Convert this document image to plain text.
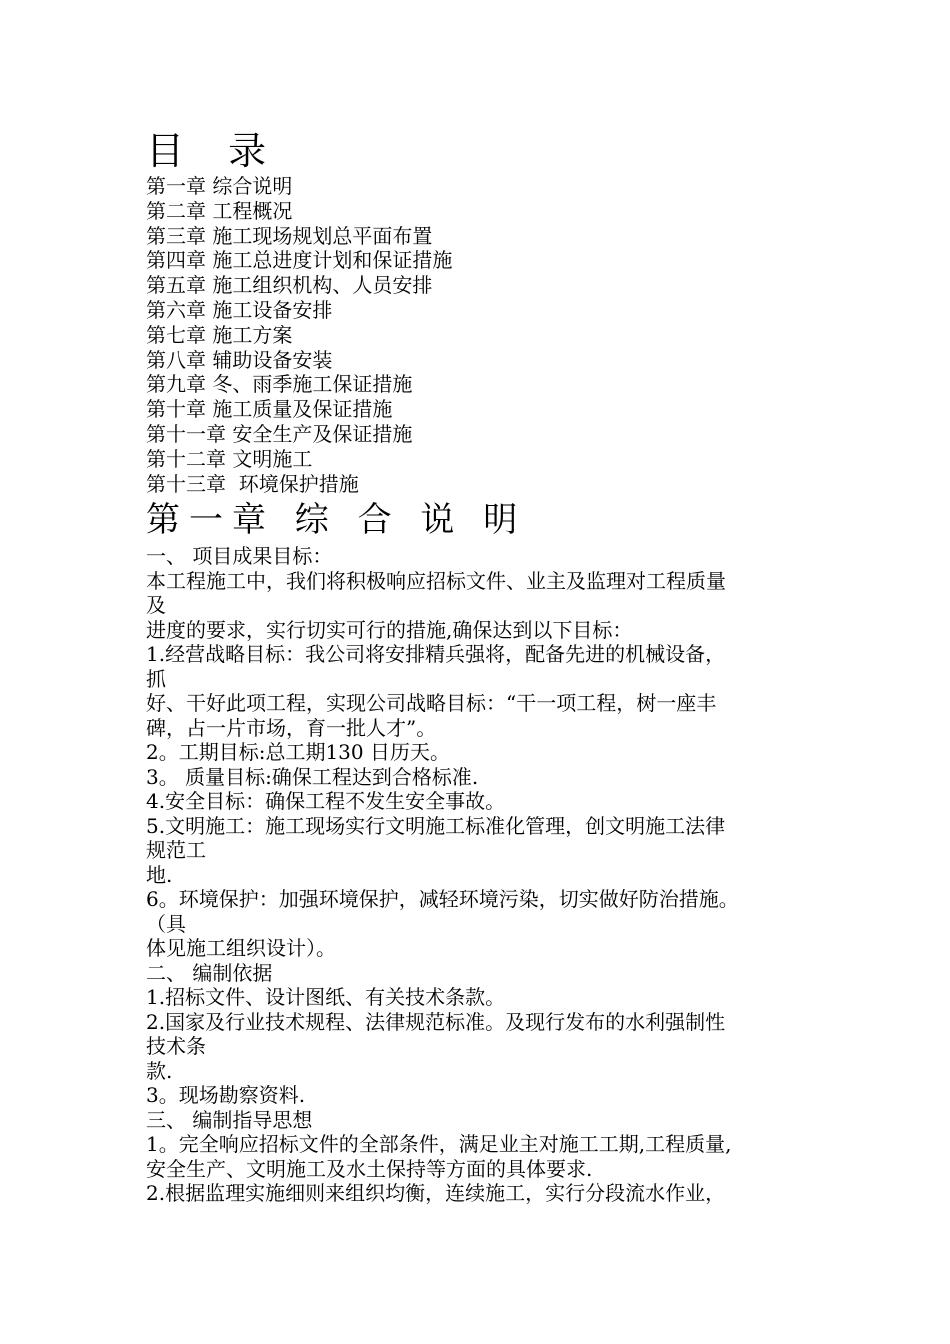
目 录
第一章 综合说明
第二章 工程概况
第三章 施工现场规划总平面布置
第四章 施工总进度计划和保证措施
第五章 施工组织机构、人员安排
第六章 施工设备安排
第七章 施工方案
第八章 辅助设备安装
第九章 冬、雨季施工保证措施
第十章 施工质量及保证措施
第十一章 安全生产及保证措施
第十二章 文明施工
第十三章  环境保护措施
第一章 综 合 说 明

一、 项目成果目标：

本工程施工中，我们将积极响应招标文件、业主及监理对工程质量

及

进度的要求，实行切实可行的措施,确保达到以下目标：

1.经营战略目标：我公司将安排精兵强将，配备先进的机械设备，

抓

好、干好此项工程，实现公司战略目标：“干一项工程，树一座丰

碑，占一片市场，育一批人才”。

2。工期目标:总工期130 日历天。

3。 质量目标:确保工程达到合格标准.

4.安全目标：确保工程不发生安全事故。

5.文明施工：施工现场实行文明施工标准化管理，创文明施工法律

规范工

地.

6。环境保护：加强环境保护，减轻环境污染，切实做好防治措施。

（具

体见施工组织设计）。

二、 编制依据

1.招标文件、设计图纸、有关技术条款。

2.国家及行业技术规程、法律规范标准。及现行发布的水利强制性

技术条

款.

3。现场勘察资料.

三、 编制指导思想

1。完全响应招标文件的全部条件，满足业主对施工工期,工程质量,

安全生产、文明施工及水土保持等方面的具体要求.

2.根据监理实施细则来组织均衡，连续施工，实行分段流水作业，
